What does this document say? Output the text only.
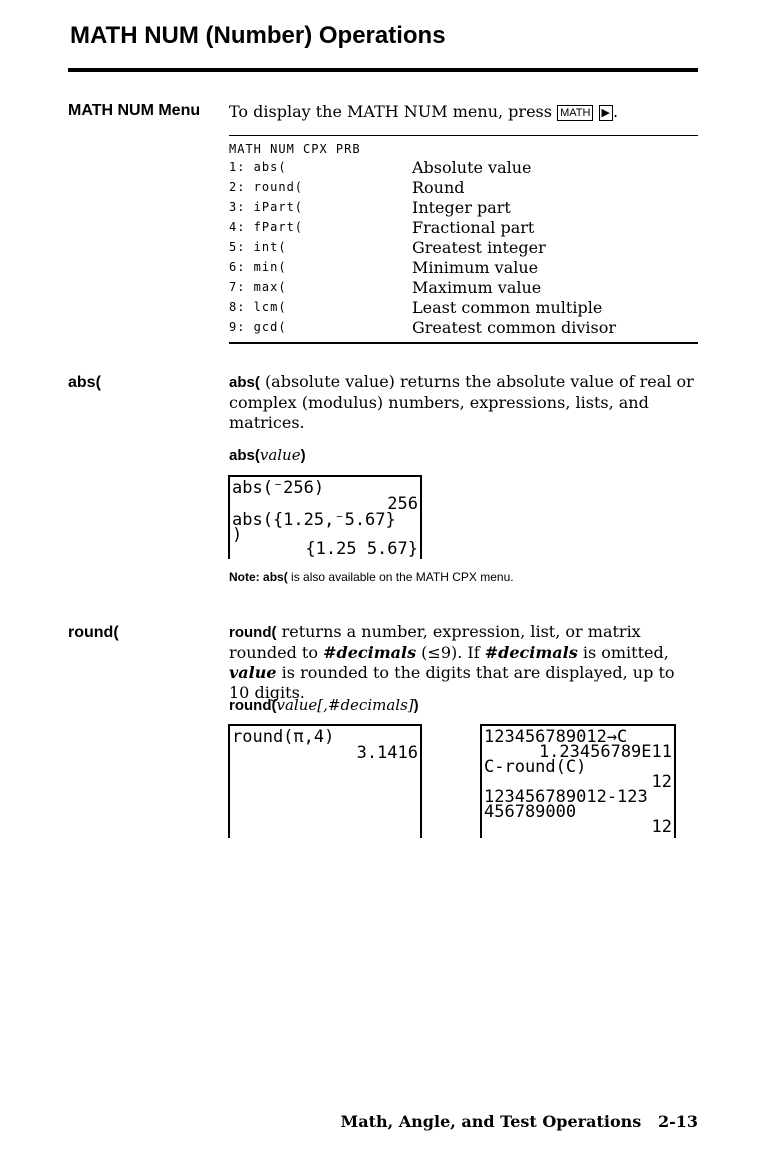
MATH NUM (Number) Operations
MATH NUM Menu To display the MATH NUM menu, press MATH ▶ .
MATH NUM CPX PRB
1: abs(	Absolute value
2: round(	Round
3: iPart(	Integer part
4: fPart(	Fractional part
5: int(	Greatest integer
6: min(	Minimum value
7: max(	Maximum value
8: lcm(	Least common multiple
9: gcd(	Greatest common divisor
abs(	abs( (absolute value) returns the absolute value of real or complex (modulus) numbers, expressions, lists, and matrices.
abs(value)
abs(⁻256)
256
abs({1.25,⁻5.67}
)
{1.25 5.67}
Note: abs( is also available on the MATH CPX menu.
round(	round( returns a number, expression, list, or matrix rounded to #decimals (≤9). If #decimals is omitted, value is rounded to the digits that are displayed, up to 10 digits.
round(value[,#decimals])
round(π,4)
3.1416
123456789012→C
1.23456789E11
C-round(C)
12
123456789012-123
456789000
12
Math, Angle, and Test Operations   2-13
